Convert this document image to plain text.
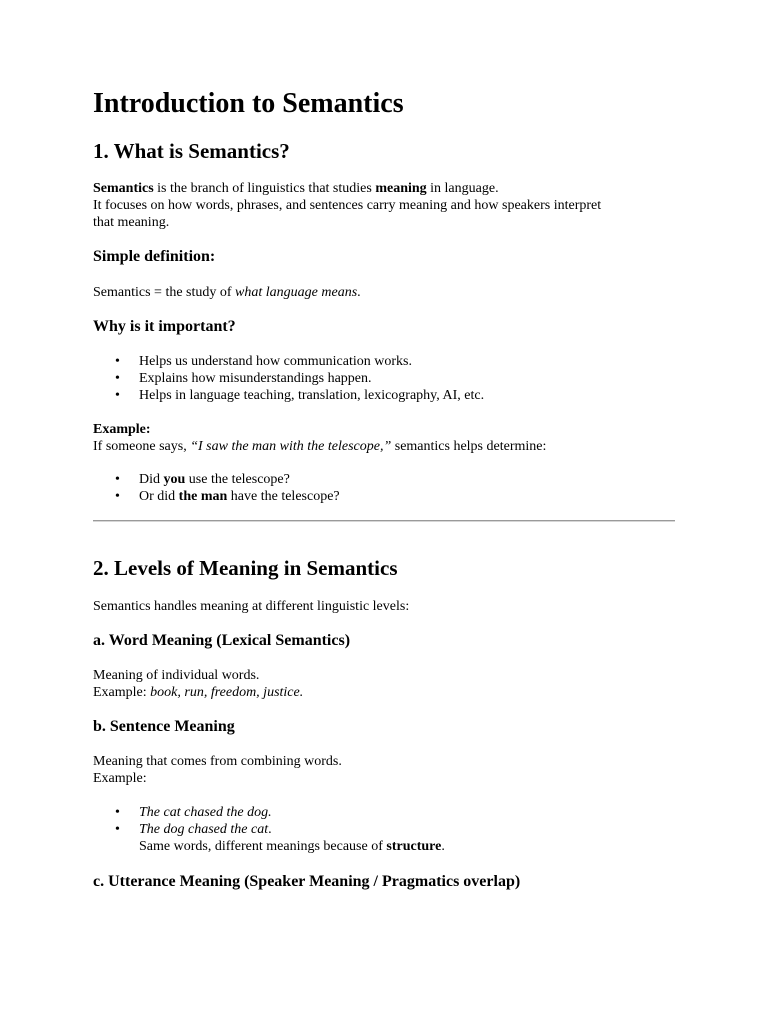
Introduction to Semantics
1. What is Semantics?

Semantics is the branch of linguistics that studies meaning in language.

It focuses on how words, phrases, and sentences carry meaning and how speakers interpret

that meaning.

Simple definition:

Semantics = the study of what language means.

Why is it important?
• Helps us understand how communication works.
• Explains how misunderstandings happen.
• Helps in language teaching, translation, lexicography, AI, etc.

Example:

If someone says, “I saw the man with the telescope,” semantics helps determine:

• Did you use the telescope?
• Or did the man have the telescope?
2. Levels of Meaning in Semantics

Semantics handles meaning at different linguistic levels:

a. Word Meaning (Lexical Semantics)

Meaning of individual words.

Example: book, run, freedom, justice.

b. Sentence Meaning

Meaning that comes from combining words.

Example:

• The cat chased the dog.
• The dog chased the cat.
Same words, different meanings because of structure.
c. Utterance Meaning (Speaker Meaning / Pragmatics overlap)
